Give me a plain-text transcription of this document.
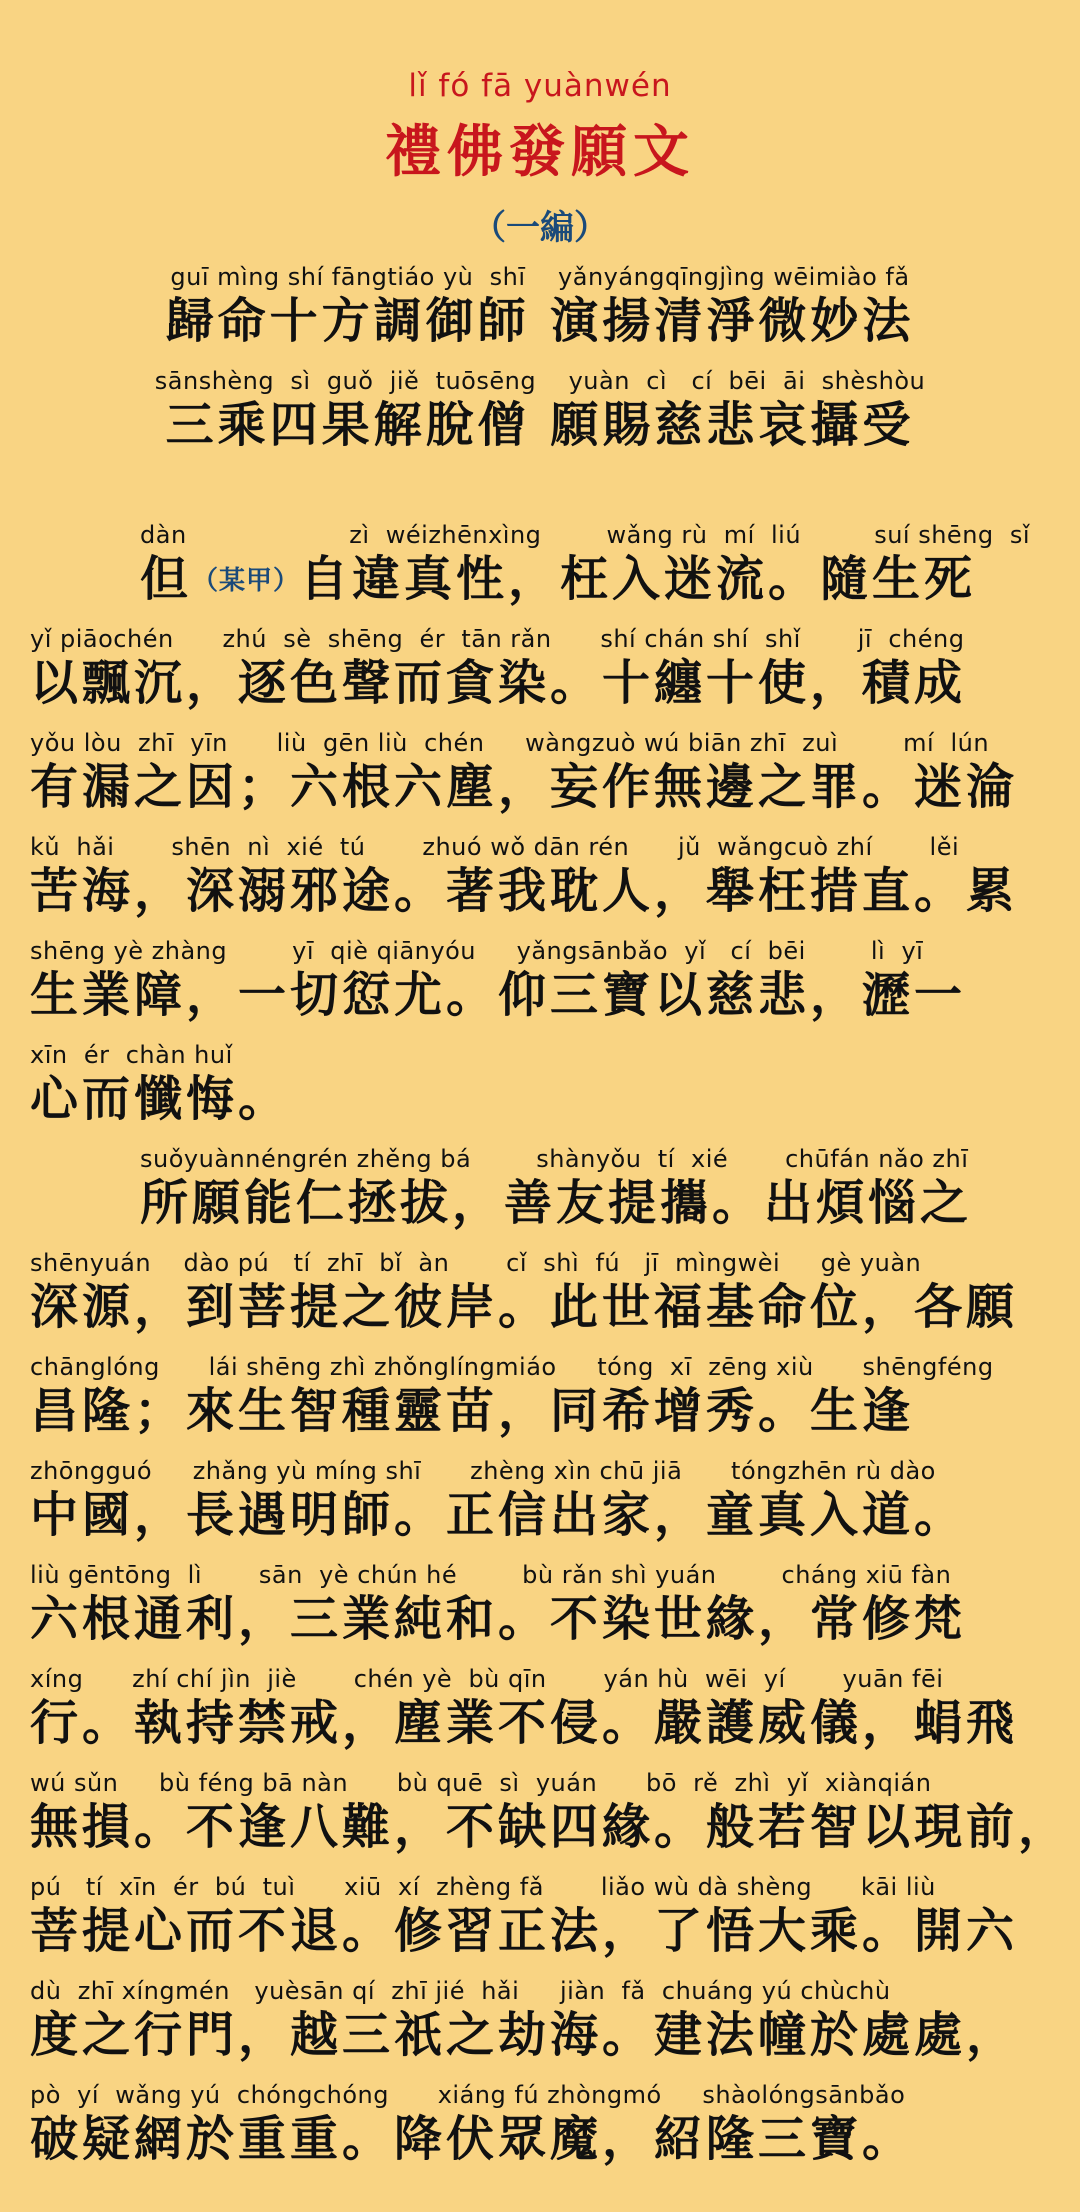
lǐ fó fā yuànwén
禮佛發願文
（一編）
guī mìng shí fāngtiáo yù  shī    yǎnyángqīngjìng wēimiào fǎ
歸命十方調御師 演揚清淨微妙法
sānshèng  sì  guǒ  jiě  tuōsēng    yuàn  cì   cí  bēi  āi  shèshòu
三乘四果解脫僧 願賜慈悲哀攝受
dàn                    zì  wéizhēnxìng        wǎng rù  mí  liú         suí shēng  sǐ
但（某甲）自違真性，枉入迷流。隨生死
yǐ piāochén      zhú  sè  shēng  ér  tān rǎn      shí chán shí  shǐ       jī  chéng
以飄沉，逐色聲而貪染。十纏十使，積成
yǒu lòu  zhī  yīn      liù  gēn liù  chén     wàngzuò wú biān zhī  zuì        mí  lún
有漏之因；六根六塵，妄作無邊之罪。迷淪
kǔ  hǎi       shēn  nì  xié  tú       zhuó wǒ dān rén      jǔ  wǎngcuò zhí       lěi
苦海，深溺邪途。著我耽人，舉枉措直。累
shēng yè zhàng        yī  qiè qiānyóu     yǎngsānbǎo  yǐ   cí  bēi        lì  yī
生業障，一切愆尤。仰三寶以慈悲，瀝一
xīn  ér  chàn huǐ
心而懺悔。
suǒyuànnéngrén zhěng bá        shànyǒu  tí  xié       chūfán nǎo zhī
所願能仁拯拔，善友提攜。出煩惱之
shēnyuán    dào pú   tí  zhī  bǐ  àn       cǐ  shì  fú   jī  mìngwèi     gè yuàn
深源，到菩提之彼岸。此世福基命位，各願
chānglóng      lái shēng zhì zhǒnglíngmiáo     tóng  xī  zēng xiù      shēngféng
昌隆；來生智種靈苗，同希增秀。生逢
zhōngguó     zhǎng yù míng shī      zhèng xìn chū jiā      tóngzhēn rù dào
中國，長遇明師。正信出家，童真入道。
liù gēntōng  lì       sān  yè chún hé        bù rǎn shì yuán        cháng xiū fàn
六根通利，三業純和。不染世緣，常修梵
xíng      zhí chí jìn  jiè       chén yè  bù qīn       yán hù  wēi  yí       yuān fēi
行。執持禁戒，塵業不侵。嚴護威儀，蜎飛
wú sǔn     bù féng bā nàn      bù quē  sì  yuán      bō  rě  zhì  yǐ  xiànqián
無損。不逢八難，不缺四緣。般若智以現前，
pú   tí  xīn  ér  bú  tuì      xiū  xí  zhèng fǎ       liǎo wù dà shèng      kāi liù
菩提心而不退。修習正法，了悟大乘。開六
dù  zhī xíngmén   yuèsān qí  zhī jié  hǎi     jiàn  fǎ  chuáng yú chùchù
度之行門，越三祇之劫海。建法幢於處處，
pò  yí  wǎng yú  chóngchóng      xiáng fú zhòngmó     shàolóngsānbǎo
破疑網於重重。降伏眾魔，紹隆三寶。
